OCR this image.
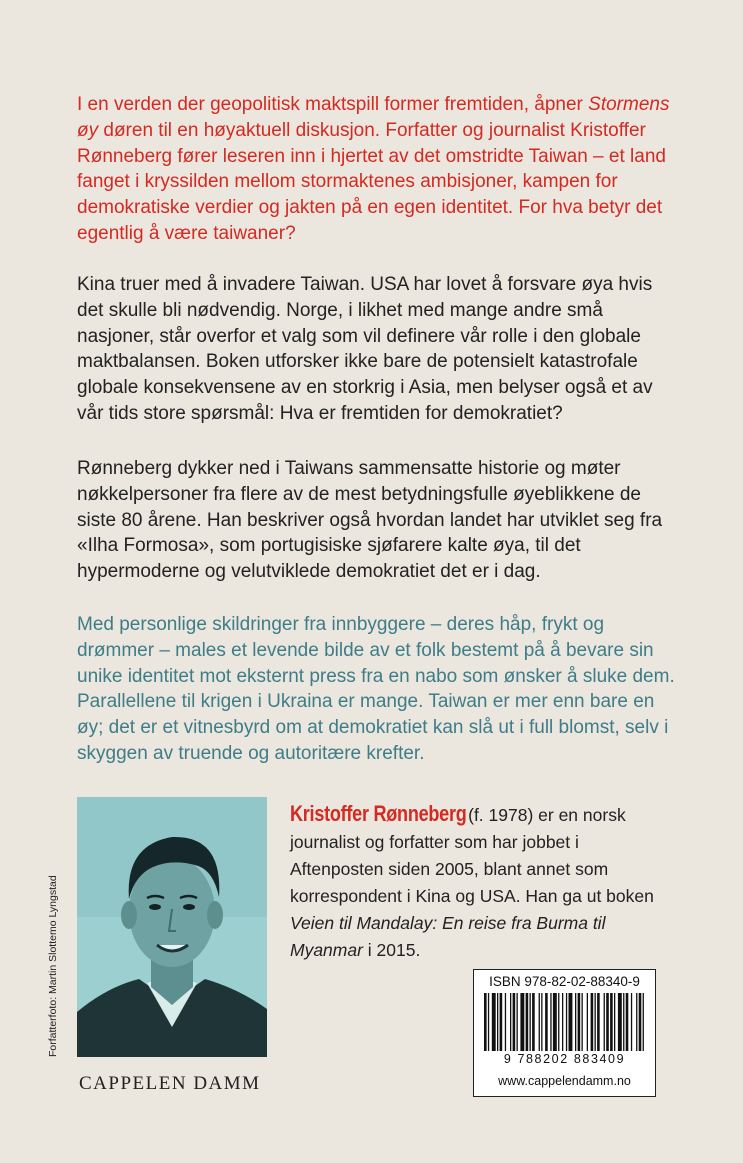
I en verden der geopolitisk maktspill former fremtiden, åpner Stormens øy døren til en høyaktuell diskusjon. Forfatter og journalist Kristoffer Rønneberg fører leseren inn i hjertet av det omstridte Taiwan – et land fanget i kryssilden mellom stormaktenes ambisjoner, kampen for demokratiske verdier og jakten på en egen identitet. For hva betyr det egentlig å være taiwaner?

Kina truer med å invadere Taiwan. USA har lovet å forsvare øya hvis det skulle bli nødvendig. Norge, i likhet med mange andre små nasjoner, står overfor et valg som vil definere vår rolle i den globale maktbalansen. Boken utforsker ikke bare de potensielt katastrofale globale konsekvensene av en storkrig i Asia, men belyser også et av vår tids store spørsmål: Hva er fremtiden for demokratiet?

Rønneberg dykker ned i Taiwans sammensatte historie og møter nøkkelpersoner fra flere av de mest betydningsfulle øyeblikkene de siste 80 årene. Han beskriver også hvordan landet har utviklet seg fra «Ilha Formosa», som portugisiske sjøfarere kalte øya, til det hypermoderne og velutviklede demokratiet det er i dag.

Med personlige skildringer fra innbyggere – deres håp, frykt og drømmer – males et levende bilde av et folk bestemt på å bevare sin unike identitet mot eksternt press fra en nabo som ønsker å sluke dem. Parallellene til krigen i Ukraina er mange. Taiwan er mer enn bare en øy; det er et vitnesbyrd om at demokratiet kan slå ut i full blomst, selv i skyggen av truende og autoritære krefter.

Forfatterfoto: Martin Slottemo Lyngstad

Kristoffer Rønneberg (f. 1978) er en norsk journalist og forfatter som har jobbet i Aftenposten siden 2005, blant annet som korrespondent i Kina og USA. Han ga ut boken Veien til Mandalay: En reise fra Burma til Myanmar i 2015.

ISBN 978-82-02-88340-9
9 788202 883409
www.cappelendamm.no
CAPPELEN DAMM
